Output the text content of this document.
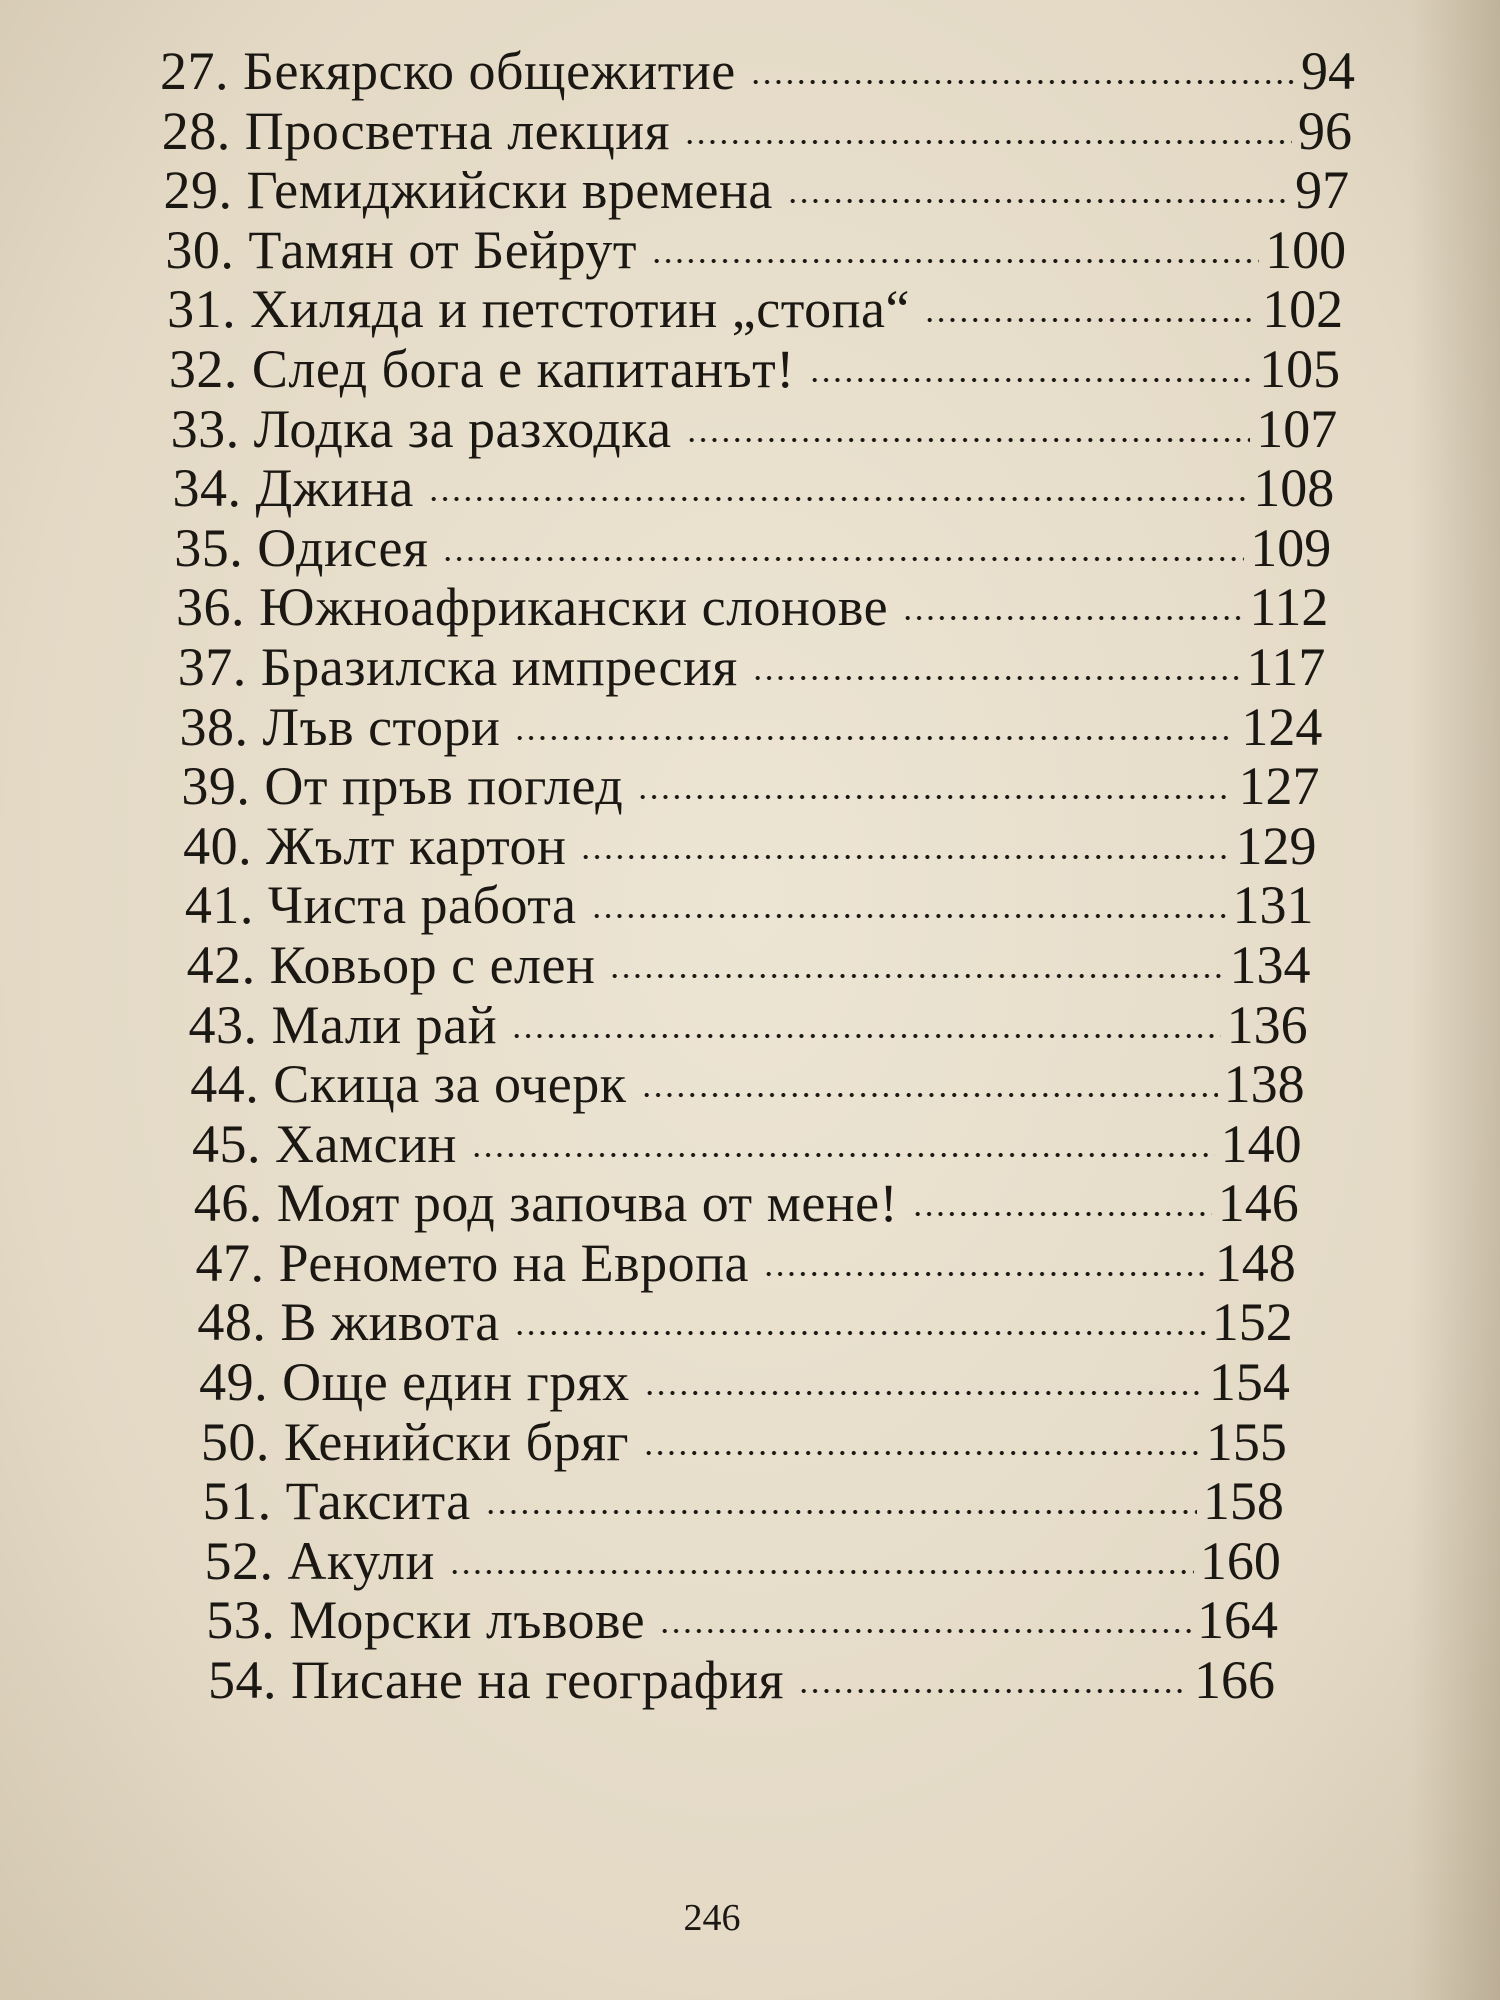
27. Бекярско общежитие	94
28. Просветна лекция	96
29. Гемиджийски времена	97
30. Тамян от Бейрут	100
31. Хиляда и петстотин „стопа“	102
32. След бога е капитанът!	105
33. Лодка за разходка	107
34. Джина	108
35. Одисея	109
36. Южноафрикански слонове	112
37. Бразилска импресия	117
38. Лъв стори	124
39. От пръв поглед	127
40. Жълт картон	129
41. Чиста работа	131
42. Ковьор с елен	134
43. Мали рай	136
44. Скица за очерк	138
45. Хамсин	140
46. Моят род започва от мене!	146
47. Реномето на Европа	148
48. В живота	152
49. Още един грях	154
50. Кенийски бряг	155
51. Таксита	158
52. Акули	160
53. Морски лъвове	164
54. Писане на география	166
246
